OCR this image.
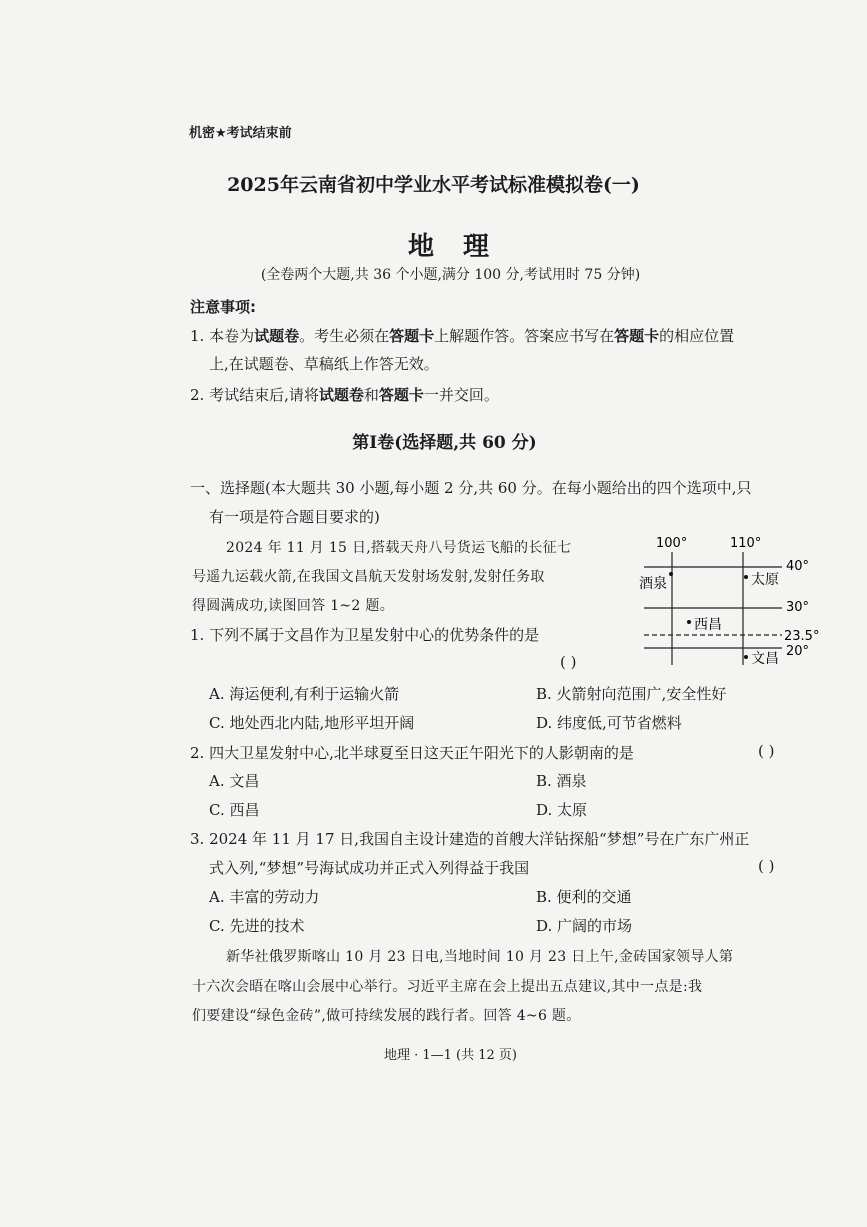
机密★考试结束前
2025年云南省初中学业水平考试标准模拟卷(一)
地 理
(全卷两个大题,共 36 个小题,满分 100 分,考试用时 75 分钟)
注意事项:
1. 本卷为试题卷。考生必须在答题卡上解题作答。答案应书写在答题卡的相应位置
上,在试题卷、草稿纸上作答无效。
2. 考试结束后,请将试题卷和答题卡一并交回。
第Ⅰ卷(选择题,共 60 分)
一、选择题(本大题共 30 小题,每小题 2 分,共 60 分。在每小题给出的四个选项中,只
有一项是符合题目要求的)
2024 年 11 月 15 日,搭载天舟八号货运飞船的长征七
号遥九运载火箭,在我国文昌航天发射场发射,发射任务取
得圆满成功,读图回答 1~2 题。
100°	110°
40°
30°
23.5°
20°
酒泉	太原
西昌
文昌
1. 下列不属于文昌作为卫星发射中心的优势条件的是
( )
A. 海运便利,有利于运输火箭	B. 火箭射向范围广,安全性好
C. 地处西北内陆,地形平坦开阔	D. 纬度低,可节省燃料
2. 四大卫星发射中心,北半球夏至日这天正午阳光下的人影朝南的是	( )
A. 文昌	B. 酒泉
C. 西昌	D. 太原
3. 2024 年 11 月 17 日,我国自主设计建造的首艘大洋钻探船“梦想”号在广东广州正
式入列,“梦想”号海试成功并正式入列得益于我国	( )
A. 丰富的劳动力	B. 便利的交通
C. 先进的技术	D. 广阔的市场
新华社俄罗斯喀山 10 月 23 日电,当地时间 10 月 23 日上午,金砖国家领导人第
十六次会晤在喀山会展中心举行。习近平主席在会上提出五点建议,其中一点是:我
们要建设“绿色金砖”,做可持续发展的践行者。回答 4~6 题。
地理 · 1—1 (共 12 页)
